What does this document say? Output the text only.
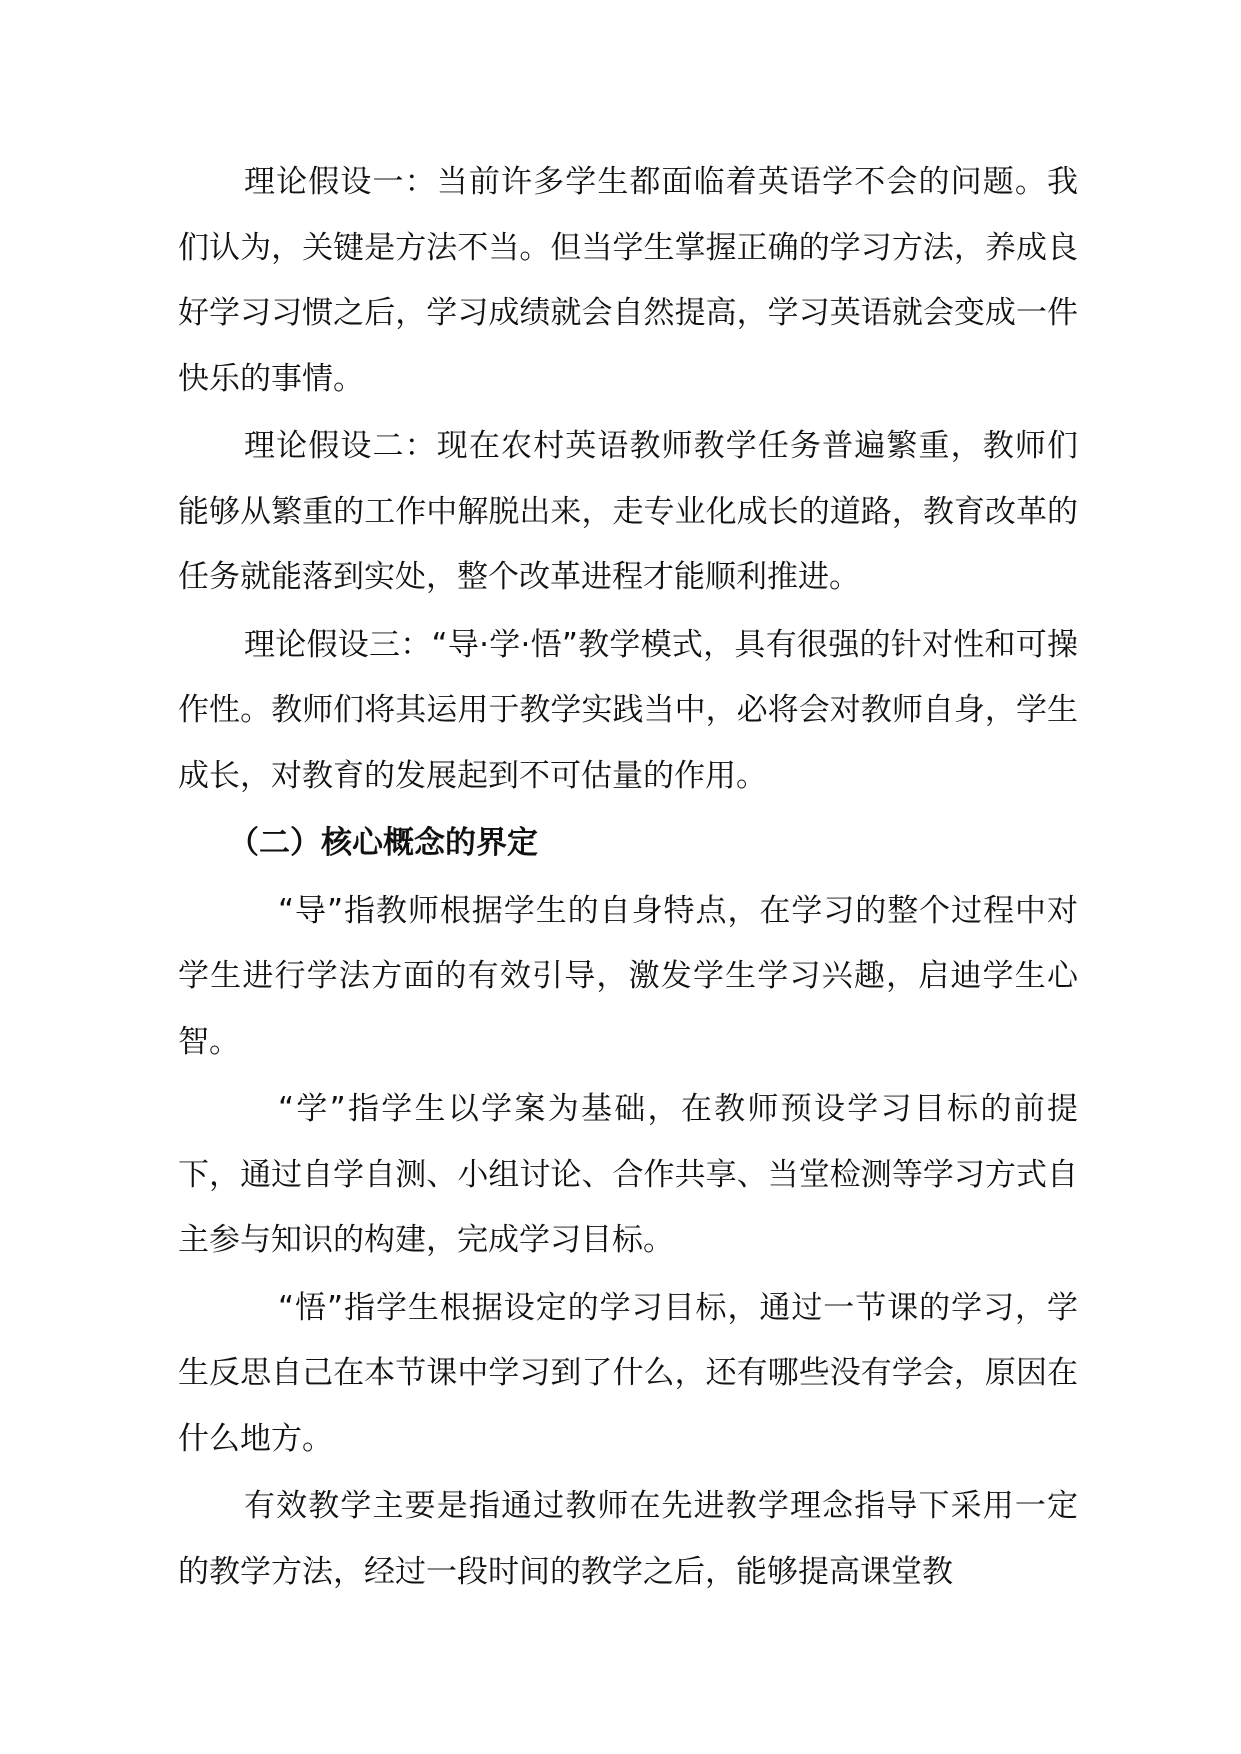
理论假设一：当前许多学生都面临着英语学不会的问题。我们认为，关键是方法不当。但当学生掌握正确的学习方法，养成良好学习习惯之后，学习成绩就会自然提高，学习英语就会变成一件快乐的事情。

理论假设二：现在农村英语教师教学任务普遍繁重，教师们能够从繁重的工作中解脱出来，走专业化成长的道路，教育改革的任务就能落到实处，整个改革进程才能顺利推进。

理论假设三：“导·学·悟”教学模式，具有很强的针对性和可操作性。教师们将其运用于教学实践当中，必将会对教师自身，学生成长，对教育的发展起到不可估量的作用。

（二）核心概念的界定

“导”指教师根据学生的自身特点，在学习的整个过程中对学生进行学法方面的有效引导，激发学生学习兴趣，启迪学生心智。

“学”指学生以学案为基础，在教师预设学习目标的前提下，通过自学自测、小组讨论、合作共享、当堂检测等学习方式自主参与知识的构建，完成学习目标。

“悟”指学生根据设定的学习目标，通过一节课的学习，学生反思自己在本节课中学习到了什么，还有哪些没有学会，原因在什么地方。

有效教学主要是指通过教师在先进教学理念指导下采用一定的教学方法，经过一段时间的教学之后，能够提高课堂教
